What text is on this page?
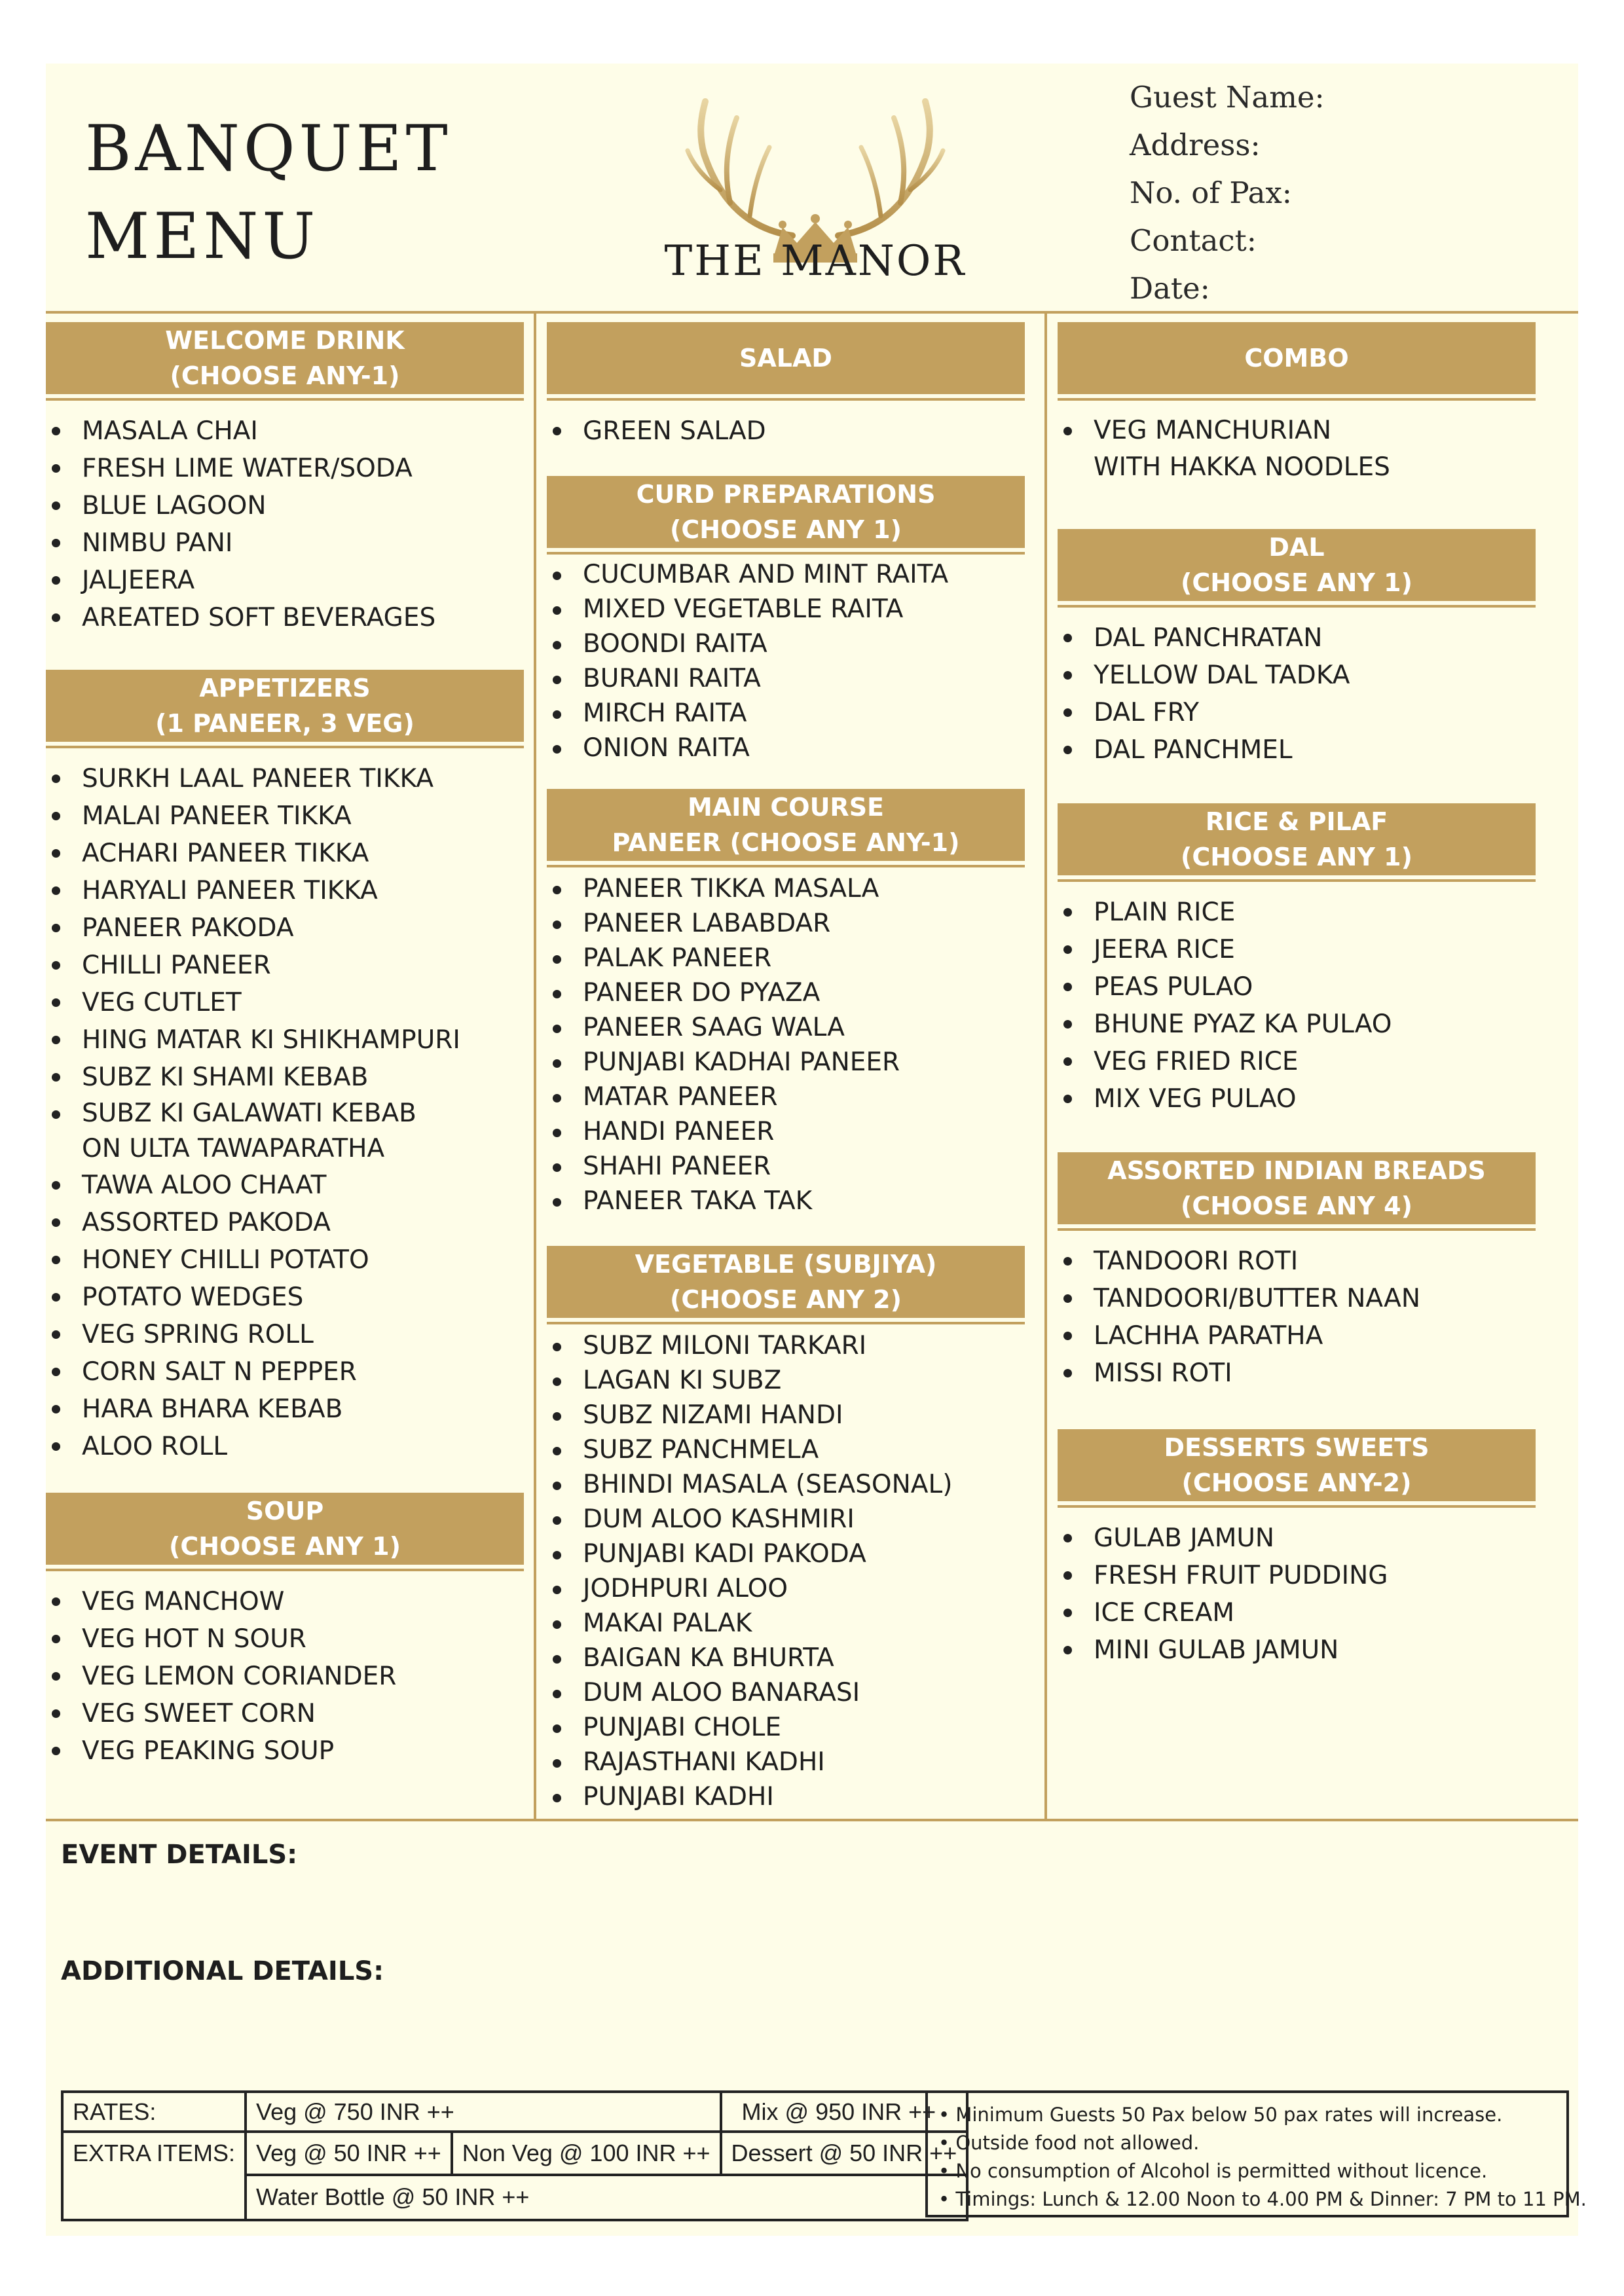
BANQUET
MENU	THE MANOR
Guest Name:
Address:
No. of Pax:
Contact:
Date:
WELCOME DRINK
(CHOOSE ANY-1)
MASALA CHAI
FRESH LIME WATER/SODA
BLUE LAGOON
NIMBU PANI
JALJEERA
AREATED SOFT BEVERAGES
APPETIZERS
(1 PANEER, 3 VEG)
SURKH LAAL PANEER TIKKA
MALAI PANEER TIKKA
ACHARI PANEER TIKKA
HARYALI PANEER TIKKA
PANEER PAKODA
CHILLI PANEER
VEG CUTLET
HING MATAR KI SHIKHAMPURI
SUBZ KI SHAMI KEBAB
SUBZ KI GALAWATI KEBAB
ON ULTA TAWAPARATHA
TAWA ALOO CHAAT
ASSORTED PAKODA
HONEY CHILLI POTATO
POTATO WEDGES
VEG SPRING ROLL
CORN SALT N PEPPER
HARA BHARA KEBAB
ALOO ROLL
SOUP
(CHOOSE ANY 1)
VEG MANCHOW
VEG HOT N SOUR
VEG LEMON CORIANDER
VEG SWEET CORN
VEG PEAKING SOUP
SALAD
GREEN SALAD
CURD PREPARATIONS
(CHOOSE ANY 1)
CUCUMBAR AND MINT RAITA
MIXED VEGETABLE RAITA
BOONDI RAITA
BURANI RAITA
MIRCH RAITA
ONION RAITA
MAIN COURSE
PANEER (CHOOSE ANY-1)
PANEER TIKKA MASALA
PANEER LABABDAR
PALAK PANEER
PANEER DO PYAZA
PANEER SAAG WALA
PUNJABI KADHAI PANEER
MATAR PANEER
HANDI PANEER
SHAHI PANEER
PANEER TAKA TAK
VEGETABLE (SUBJIYA)
(CHOOSE ANY 2)
SUBZ MILONI TARKARI
LAGAN KI SUBZ
SUBZ NIZAMI HANDI
SUBZ PANCHMELA
BHINDI MASALA (SEASONAL)
DUM ALOO KASHMIRI
PUNJABI KADI PAKODA
JODHPURI ALOO
MAKAI PALAK
BAIGAN KA BHURTA
DUM ALOO BANARASI
PUNJABI CHOLE
RAJASTHANI KADHI
PUNJABI KADHI
COMBO
VEG MANCHURIAN
WITH HAKKA NOODLES
DAL
(CHOOSE ANY 1)
DAL PANCHRATAN
YELLOW DAL TADKA
DAL FRY
DAL PANCHMEL
RICE & PILAF
(CHOOSE ANY 1)
PLAIN RICE
JEERA RICE
PEAS PULAO
BHUNE PYAZ KA PULAO
VEG FRIED RICE
MIX VEG PULAO
ASSORTED INDIAN BREADS
(CHOOSE ANY 4)
TANDOORI ROTI
TANDOORI/BUTTER NAAN
LACHHA PARATHA
MISSI ROTI
DESSERTS SWEETS
(CHOOSE ANY-2)
GULAB JAMUN
FRESH FRUIT PUDDING
ICE CREAM
MINI GULAB JAMUN
EVENT DETAILS:
ADDITIONAL DETAILS:
RATES:	Veg @ 750 INR ++		Mix @ 950 INR ++
EXTRA ITEMS:	Veg @ 50 INR ++	Non Veg @ 100 INR ++	Dessert @ 50 INR ++
	Water Bottle @ 50 INR ++		
• Minimum Guests 50 Pax below 50 pax rates will increase.
• Outside food not allowed.
• No consumption of Alcohol is permitted without licence.
• Timings: Lunch & 12.00 Noon to 4.00 PM & Dinner: 7 PM to 11 PM.
